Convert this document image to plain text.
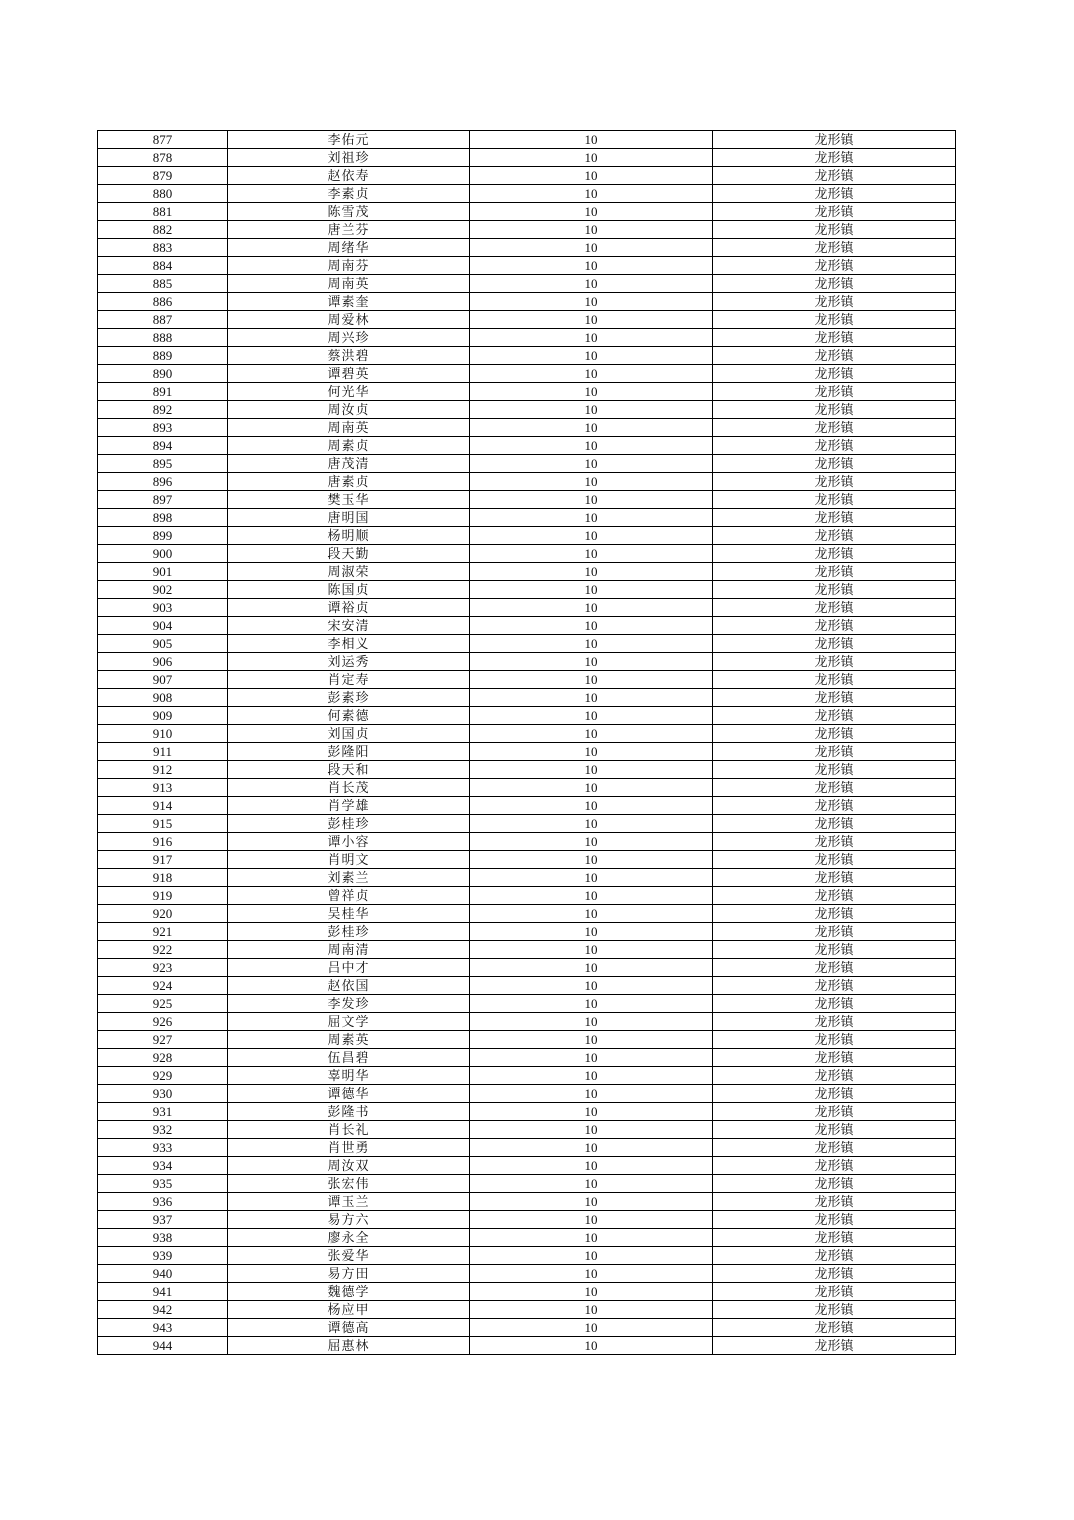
877	李佑元	10	龙形镇
878	刘祖珍	10	龙形镇
879	赵依寿	10	龙形镇
880	李素贞	10	龙形镇
881	陈雪茂	10	龙形镇
882	唐兰芬	10	龙形镇
883	周绪华	10	龙形镇
884	周南芬	10	龙形镇
885	周南英	10	龙形镇
886	谭素奎	10	龙形镇
887	周爱林	10	龙形镇
888	周兴珍	10	龙形镇
889	蔡洪碧	10	龙形镇
890	谭碧英	10	龙形镇
891	何光华	10	龙形镇
892	周汝贞	10	龙形镇
893	周南英	10	龙形镇
894	周素贞	10	龙形镇
895	唐茂清	10	龙形镇
896	唐素贞	10	龙形镇
897	樊玉华	10	龙形镇
898	唐明国	10	龙形镇
899	杨明顺	10	龙形镇
900	段天勤	10	龙形镇
901	周淑荣	10	龙形镇
902	陈国贞	10	龙形镇
903	谭裕贞	10	龙形镇
904	宋安清	10	龙形镇
905	李相义	10	龙形镇
906	刘运秀	10	龙形镇
907	肖定寿	10	龙形镇
908	彭素珍	10	龙形镇
909	何素德	10	龙形镇
910	刘国贞	10	龙形镇
911	彭隆阳	10	龙形镇
912	段天和	10	龙形镇
913	肖长茂	10	龙形镇
914	肖学雄	10	龙形镇
915	彭桂珍	10	龙形镇
916	谭小容	10	龙形镇
917	肖明文	10	龙形镇
918	刘素兰	10	龙形镇
919	曾祥贞	10	龙形镇
920	吴桂华	10	龙形镇
921	彭桂珍	10	龙形镇
922	周南清	10	龙形镇
923	吕中才	10	龙形镇
924	赵依国	10	龙形镇
925	李发珍	10	龙形镇
926	屈文学	10	龙形镇
927	周素英	10	龙形镇
928	伍昌碧	10	龙形镇
929	辜明华	10	龙形镇
930	谭德华	10	龙形镇
931	彭隆书	10	龙形镇
932	肖长礼	10	龙形镇
933	肖世勇	10	龙形镇
934	周汝双	10	龙形镇
935	张宏伟	10	龙形镇
936	谭玉兰	10	龙形镇
937	易方六	10	龙形镇
938	廖永全	10	龙形镇
939	张爱华	10	龙形镇
940	易方田	10	龙形镇
941	魏德学	10	龙形镇
942	杨应甲	10	龙形镇
943	谭德高	10	龙形镇
944	屈惠林	10	龙形镇
